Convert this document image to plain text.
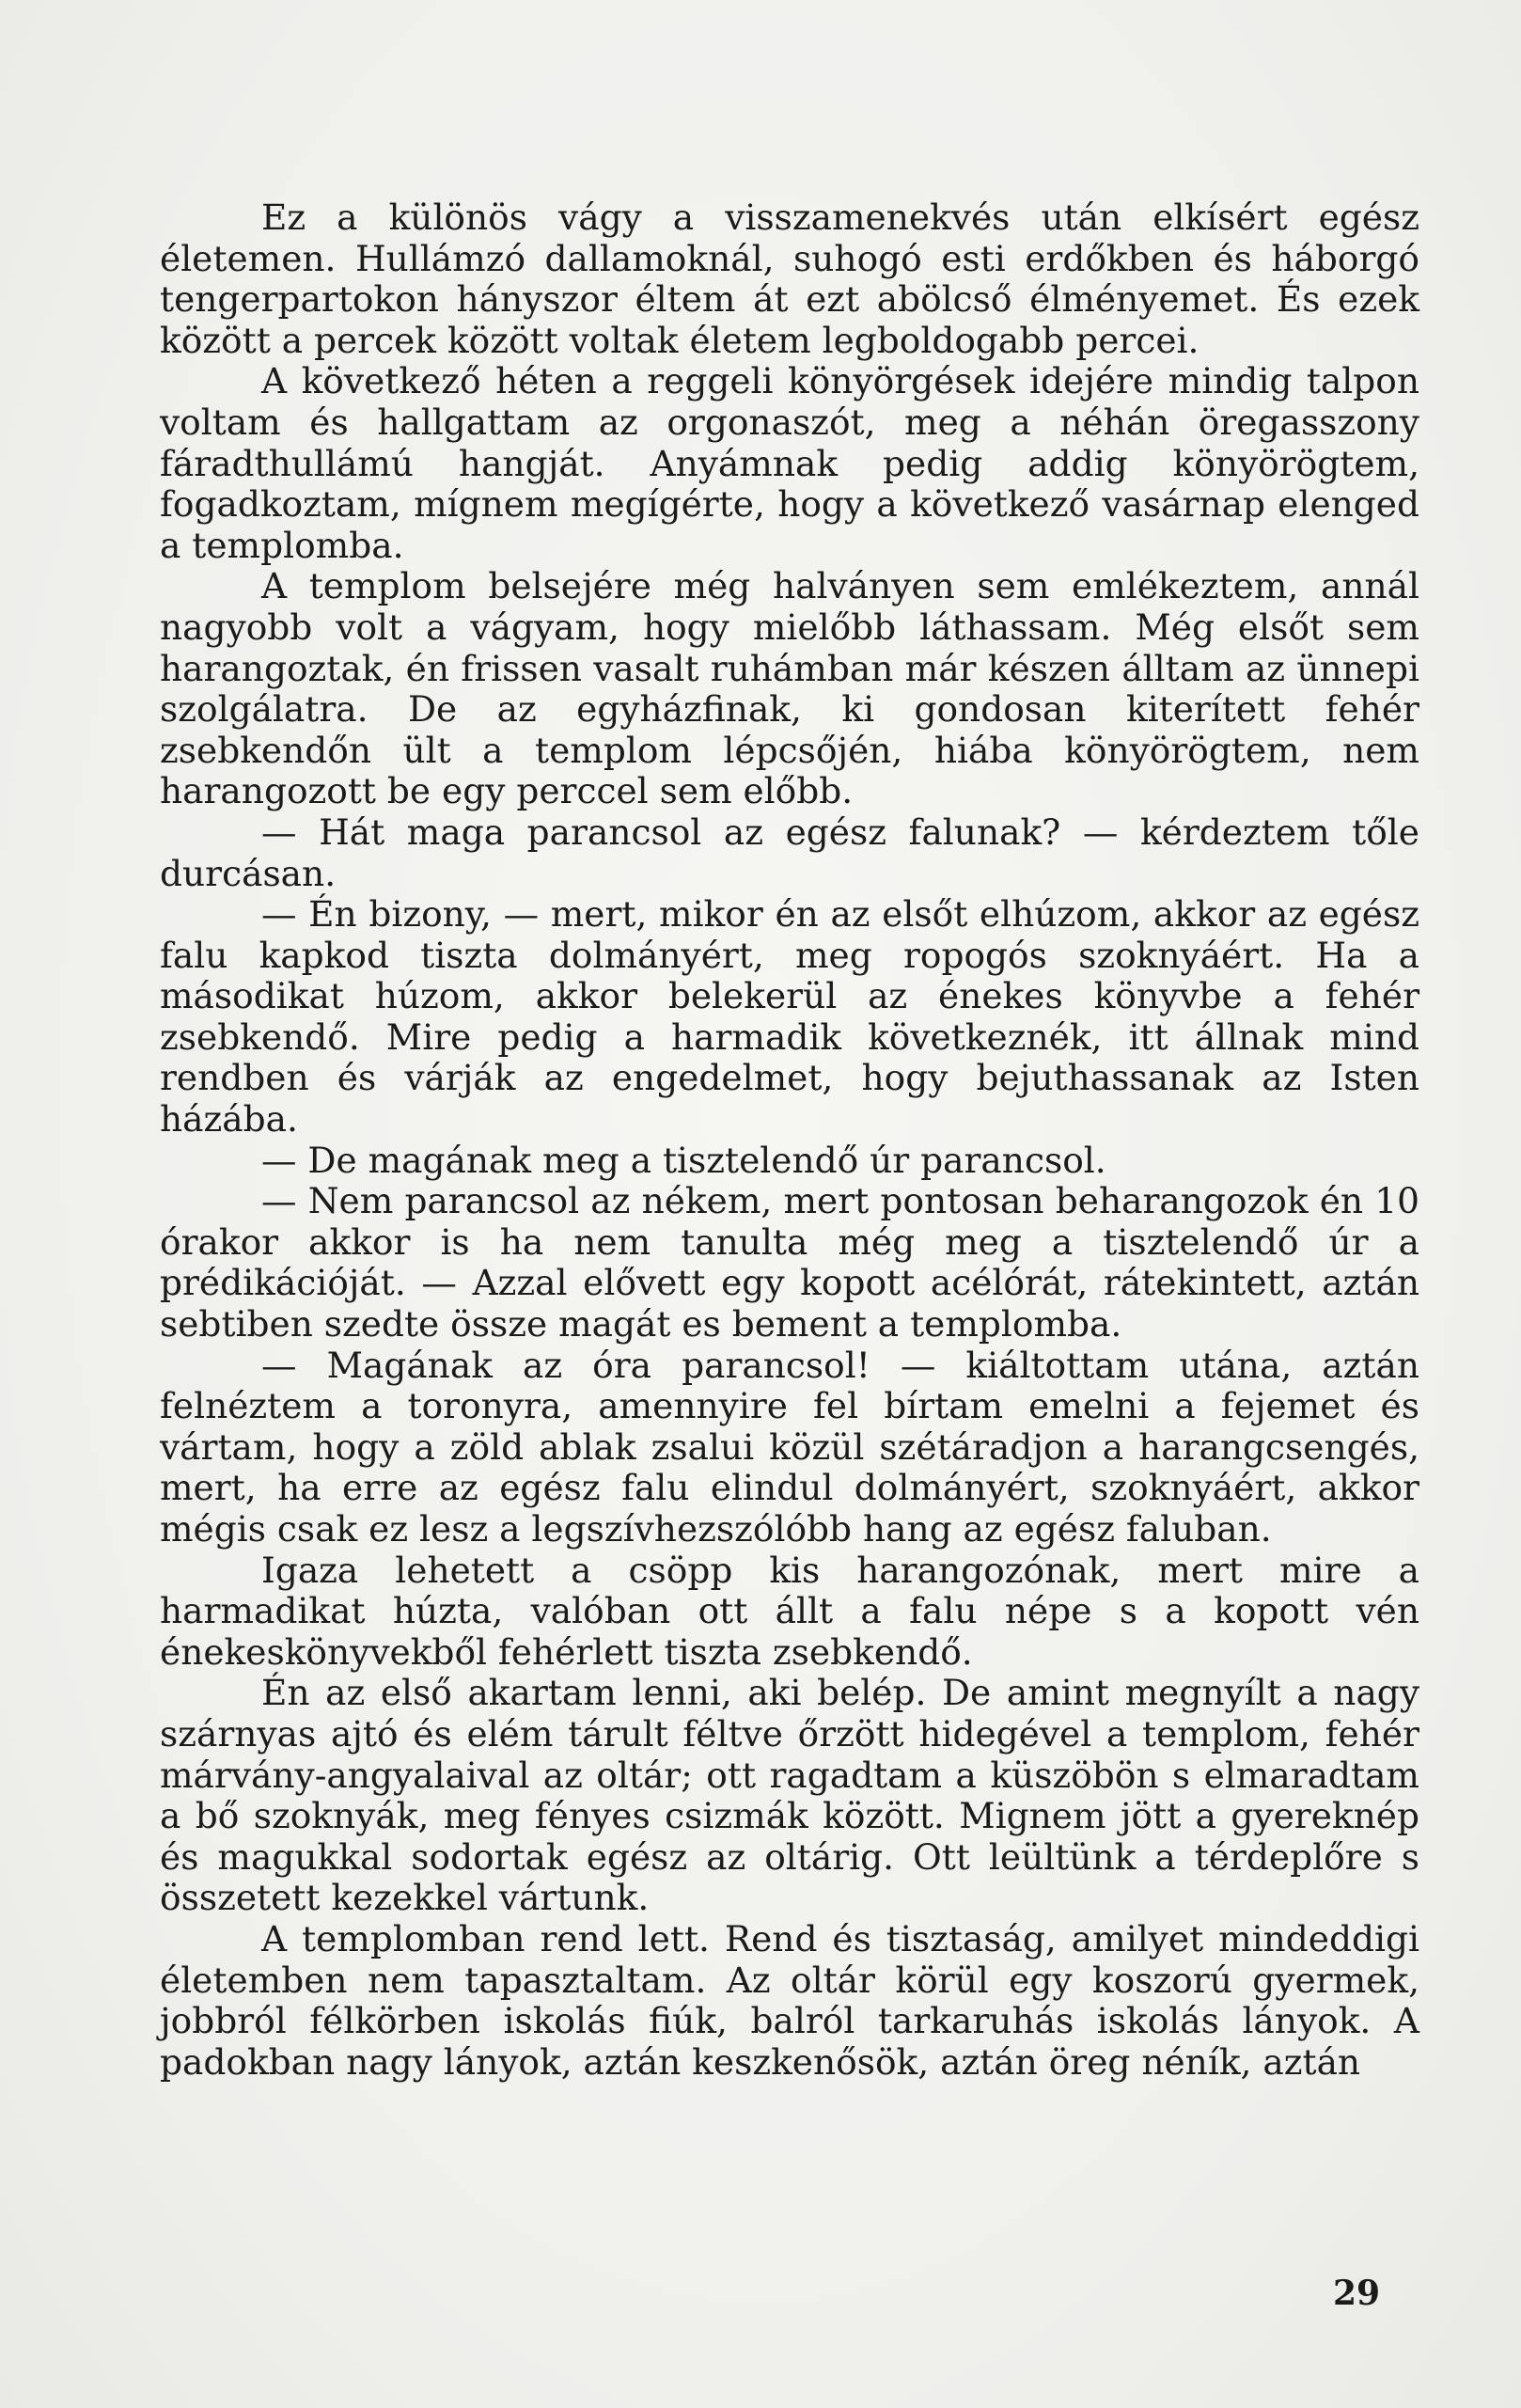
Ez a különös vágy a visszamenekvés után elkísért egész életemen. Hullámzó dallamoknál, suhogó esti erdőkben és háborgó tengerpartokon hányszor éltem át ezt abölcső élményemet. És ezek között a percek között voltak életem legboldogabb percei.

A következő héten a reggeli könyörgések idejére mindig talpon voltam és hallgattam az orgonaszót, meg a néhán öregasszony fáradthullámú hangját. Anyámnak pedig addig könyörögtem, fogadkoztam, mígnem megígérte, hogy a következő vasárnap elenged a templomba.

A templom belsejére még halványen sem emlékeztem, annál nagyobb volt a vágyam, hogy mielőbb láthassam. Még elsőt sem harangoztak, én frissen vasalt ruhámban már készen álltam az ünnepi szolgálatra. De az egyházfinak, ki gondosan kiterített fehér zsebkendőn ült a templom lépcsőjén, hiába könyörögtem, nem harangozott be egy perccel sem előbb.

— Hát maga parancsol az egész falunak? — kérdeztem tőle durcásan.

— Én bizony, — mert, mikor én az elsőt elhúzom, akkor az egész falu kapkod tiszta dolmányért, meg ropogós szoknyáért. Ha a másodikat húzom, akkor belekerül az énekes könyvbe a fehér zsebkendő. Mire pedig a harmadik következnék, itt állnak mind rendben és várják az engedelmet, hogy bejuthassanak az Isten házába.

— De magának meg a tisztelendő úr parancsol.

— Nem parancsol az nékem, mert pontosan beharangozok én 10 órakor akkor is ha nem tanulta még meg a tisztelendő úr a prédikációját. — Azzal elővett egy kopott acélórát, rátekintett, aztán sebtiben szedte össze magát es bement a templomba.

— Magának az óra parancsol! — kiáltottam utána, aztán felnéztem a toronyra, amennyire fel bírtam emelni a fejemet és vártam, hogy a zöld ablak zsalui közül szétáradjon a harangcsengés, mert, ha erre az egész falu elindul dolmányért, szoknyáért, akkor mégis csak ez lesz a legszívhezszólóbb hang az egész faluban.

Igaza lehetett a csöpp kis harangozónak, mert mire a harmadikat húzta, valóban ott állt a falu népe s a kopott vén énekeskönyvekből fehérlett tiszta zsebkendő.

Én az első akartam lenni, aki belép. De amint megnyílt a nagy szárnyas ajtó és elém tárult féltve őrzött hidegével a templom, fehér márvány-angyalaival az oltár; ott ragadtam a küszöbön s elmaradtam a bő szoknyák, meg fényes csizmák között. Mignem jött a gyereknép és magukkal sodortak egész az oltárig. Ott leültünk a térdeplőre s összetett kezekkel vártunk.

A templomban rend lett. Rend és tisztaság, amilyet mindeddigi életemben nem tapasztaltam. Az oltár körül egy koszorú gyermek, jobbról félkörben iskolás fiúk, balról tarkaruhás iskolás lányok. A padokban nagy lányok, aztán keszkenősök, aztán öreg néník, aztán

29
